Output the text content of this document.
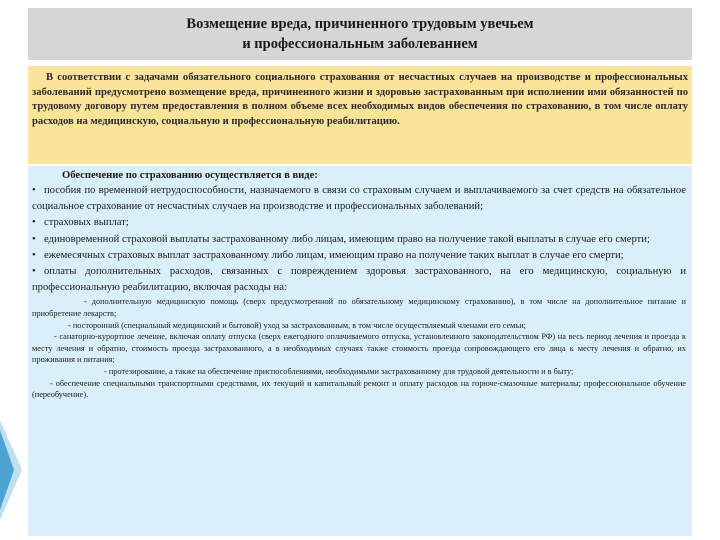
Возмещение вреда, причиненного трудовым увечьем
и профессиональным заболеванием
В соответствии с задачами обязательного социального страхования от несчастных случаев на производстве и профессиональных заболеваний предусмотрено возмещение вреда, причиненного жизни и здоровью застрахованным при исполнении ими обязанностей по трудовому договору путем предоставления в полном объеме всех необходимых видов обеспечения по страхованию, в том числе оплату расходов на медицинскую, социальную и профессиональную реабилитацию.
Обеспечение по страхованию осуществляется в виде:
• пособия по временной нетрудоспособности, назначаемого в связи со страховым случаем и выплачиваемого за счет средств на обязательное социальное страхование от несчастных случаев на производстве и профессиональных заболеваний;
• страховых выплат;
• единовременной страховой выплаты застрахованному либо лицам, имеющим право на получение такой выплаты в случае его смерти;
• ежемесячных страховых выплат застрахованному либо лицам, имеющим право на получение таких выплат в случае его смерти;
• оплаты дополнительных расходов, связанных с повреждением здоровья застрахованного, на его медицинскую, социальную и профессиональную реабилитацию, включая расходы на:
- дополнительную медицинскую помощь (сверх предусмотренной по обязательному медицинскому страхованию), в том числе на дополнительное питание и приобретение лекарств;
- посторонний (специальный медицинский и бытовой) уход за застрахованным, в том числе осуществляемый членами его семьи;
- санаторно-курортное лечение, включая оплату отпуска (сверх ежегодного оплачиваемого отпуска, установленного законодательством РФ) на весь период лечения и проезда к месту лечения и обратно, стоимость проезда застрахованного, а в необходимых случаях также стоимость проезда сопровождающего его лица к месту лечения и обратно, их проживания и питания;
- протезирование, а также на обеспечение приспособлениями, необходимыми застрахованному для трудовой деятельности и в быту;
- обеспечение специальными транспортными средствами, их текущий и капитальный ремонт и оплату расходов на горюче-смазочные материалы; профессиональное обучение (переобучение).
